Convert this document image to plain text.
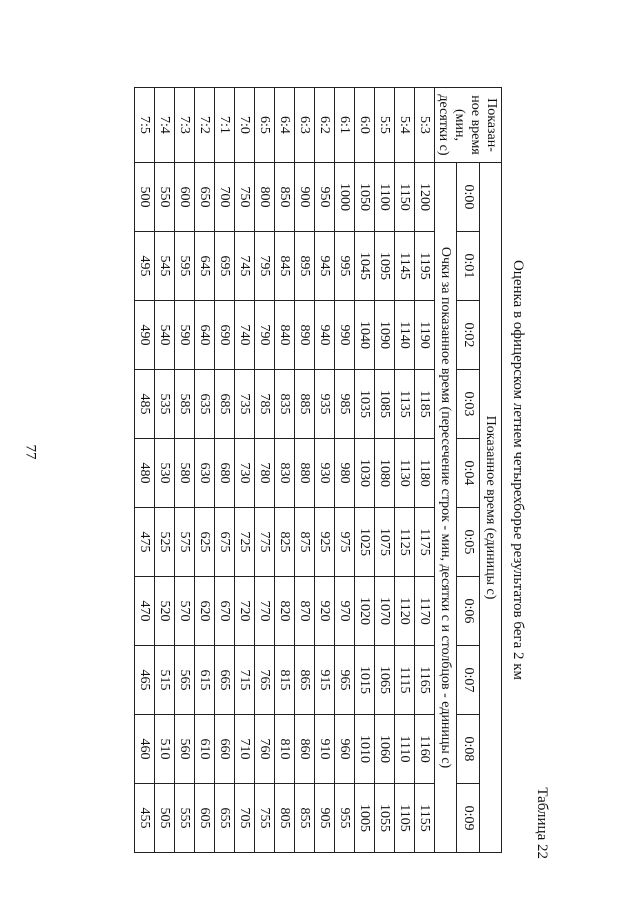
77
Таблица 22
Оценка в офицерском летнем четырехборье результатов бега 2 км
Показан-ное время (мин, десятки с)	Показанное время (единицы с)									
	0:00	0:01	0:02	0:03	0:04	0:05	0:06	0:07	0:08	0:09
	Очки за показанное время (пересечение строк - мин, десятки с и столбцов - единицы с)									
5:3	1200	1195	1190	1185	1180	1175	1170	1165	1160	1155
5:4	1150	1145	1140	1135	1130	1125	1120	1115	1110	1105
5:5	1100	1095	1090	1085	1080	1075	1070	1065	1060	1055
6:0	1050	1045	1040	1035	1030	1025	1020	1015	1010	1005
6:1	1000	995	990	985	980	975	970	965	960	955
6:2	950	945	940	935	930	925	920	915	910	905
6:3	900	895	890	885	880	875	870	865	860	855
6:4	850	845	840	835	830	825	820	815	810	805
6:5	800	795	790	785	780	775	770	765	760	755
7:0	750	745	740	735	730	725	720	715	710	705
7:1	700	695	690	685	680	675	670	665	660	655
7:2	650	645	640	635	630	625	620	615	610	605
7:3	600	595	590	585	580	575	570	565	560	555
7:4	550	545	540	535	530	525	520	515	510	505
7:5	500	495	490	485	480	475	470	465	460	455
